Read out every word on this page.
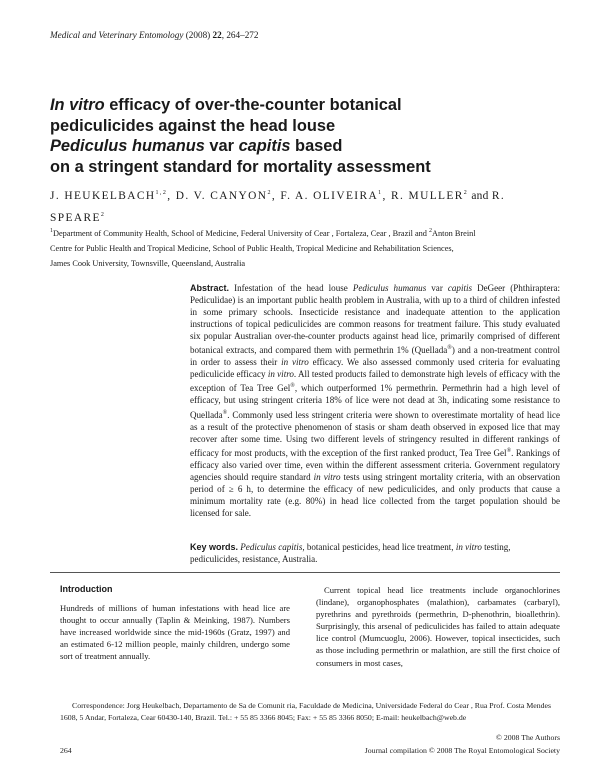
Medical and Veterinary Entomology (2008) 22, 264–272
In vitro efficacy of over-the-counter botanical
pediculicides against the head louse
Pediculus humanus var capitis based
on a stringent standard for mortality assessment
J. HEUKELBACH$^{1,2}$, D. V. CANYON$^2$, F. A. OLIVEIRA$^1$, R. MULLER$^2$ and R. SPEARE$^2$
$^1$Department of Community Health, School of Medicine, Federal University of Cear , Fortaleza, Cear , Brazil and $^2$Anton Breinl
Centre for Public Health and Tropical Medicine, School of Public Health, Tropical Medicine and Rehabilitation Sciences,
James Cook University, Townsville, Queensland, Australia
Abstract. Infestation of the head louse Pediculus humanus var capitis DeGeer (Phthiraptera: Pediculidae) is an important public health problem in Australia, with up to a third of children infested in some primary schools. Insecticide resistance and inadequate attention to the application instructions of topical pediculicides are common reasons for treatment failure. This study evaluated six popular Australian over-the-counter products against head lice, primarily comprised of different botanical extracts, and compared them with permethrin 1% (Quellada®) and a non-treatment control in order to assess their in vitro efficacy. We also assessed commonly used criteria for evaluating pediculicide efficacy in vitro. All tested products failed to demonstrate high levels of efficacy with the exception of Tea Tree Gel®, which outperformed 1% permethrin. Permethrin had a high level of efficacy, but using stringent criteria 18% of lice were not dead at 3h, indicating some resistance to Quellada®. Commonly used less stringent criteria were shown to overestimate mortality of head lice as a result of the protective phenomenon of stasis or sham death observed in exposed lice that may recover after some time. Using two different levels of stringency resulted in different rankings of efficacy for most products, with the exception of the first ranked product, Tea Tree Gel®. Rankings of efficacy also varied over time, even within the different assessment criteria. Government regulatory agencies should require standard in vitro tests using stringent mortality criteria, with an observation period of ≥ 6 h, to determine the efficacy of new pediculicides, and only products that cause a minimum mortality rate (e.g. 80%) in head lice collected from the target population should be licensed for sale.
Key words. Pediculus capitis, botanical pesticides, head lice treatment, in vitro testing, pediculicides, resistance, Australia.
Introduction
Hundreds of millions of human infestations with head lice are thought to occur annually (Taplin & Meinking, 1987). Numbers have increased worldwide since the mid-1960s (Gratz, 1997) and an estimated 6-12 million people, mainly children, undergo some sort of treatment annually.
Current topical head lice treatments include organochlorines (lindane), organophosphates (malathion), carbamates (carbaryl), pyrethrins and pyrethroids (permethrin, D-phenothrin, bioallethrin). Surprisingly, this arsenal of pediculicides has failed to attain adequate lice control (Mumcuoglu, 2006). However, topical insecticides, such as those including permethrin or malathion, are still the first choice of consumers in most cases,
Correspondence: Jorg Heukelbach, Departamento de Sa de Comunit ria, Faculdade de Medicina, Universidade Federal do Cear , Rua Prof. Costa Mendes 1608, 5 Andar, Fortaleza, Cear 60430-140, Brazil. Tel.: + 55 85 3366 8045; Fax: + 55 85 3366 8050; E-mail: heukelbach@web.de
© 2008 The Authors
264	Journal compilation © 2008 The Royal Entomological Society
